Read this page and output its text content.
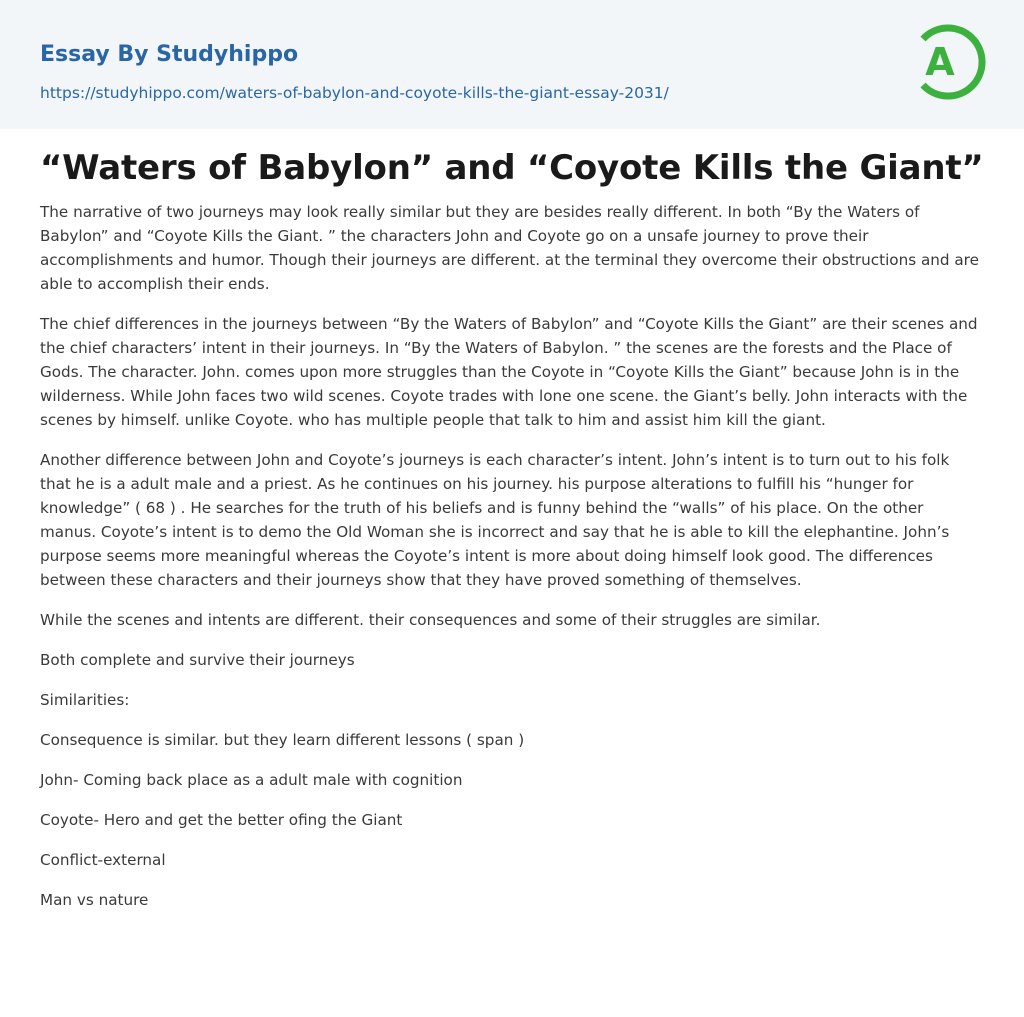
Essay By Studyhippo
https://studyhippo.com/waters-of-babylon-and-coyote-kills-the-giant-essay-2031/
A
“Waters of Babylon” and “Coyote Kills the Giant”

The narrative of two journeys may look really similar but they are besides really different. In both “By the Waters of Babylon” and “Coyote Kills the Giant. ” the characters John and Coyote go on a unsafe journey to prove their accomplishments and humor. Though their journeys are different. at the terminal they overcome their obstructions and are able to accomplish their ends.

The chief differences in the journeys between “By the Waters of Babylon” and “Coyote Kills the Giant” are their scenes and the chief characters’ intent in their journeys. In “By the Waters of Babylon. ” the scenes are the forests and the Place of Gods. The character. John. comes upon more struggles than the Coyote in “Coyote Kills the Giant” because John is in the wilderness. While John faces two wild scenes. Coyote trades with lone one scene. the Giant’s belly. John interacts with the scenes by himself. unlike Coyote. who has multiple people that talk to him and assist him kill the giant.

Another difference between John and Coyote’s journeys is each character’s intent. John’s intent is to turn out to his folk that he is a adult male and a priest. As he continues on his journey. his purpose alterations to fulfill his “hunger for knowledge” ( 68 ) . He searches for the truth of his beliefs and is funny behind the “walls” of his place. On the other manus. Coyote’s intent is to demo the Old Woman she is incorrect and say that he is able to kill the elephantine. John’s purpose seems more meaningful whereas the Coyote’s intent is more about doing himself look good. The differences between these characters and their journeys show that they have proved something of themselves.

While the scenes and intents are different. their consequences and some of their struggles are similar.

Both complete and survive their journeys

Similarities:

Consequence is similar. but they learn different lessons ( span )

John- Coming back place as a adult male with cognition

Coyote- Hero and get the better ofing the Giant

Conflict-external

Man vs nature
